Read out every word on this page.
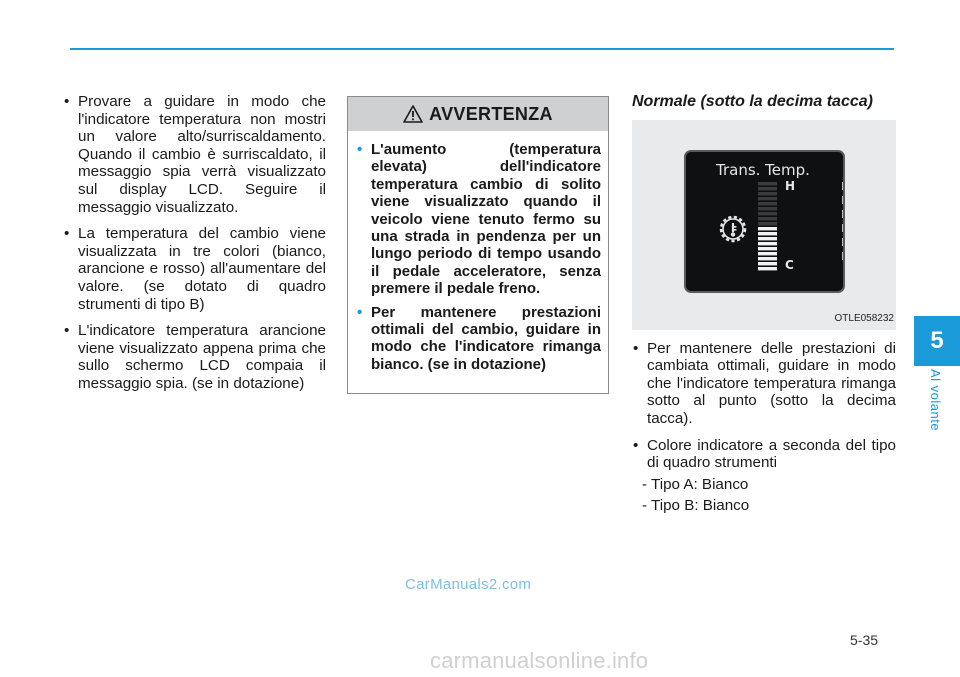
• Provare a guidare in modo che l'indicatore temperatura non mostri un valore alto/surriscaldamento. Quando il cambio è surriscaldato, il messaggio spia verrà visualizzato sul display LCD. Seguire il messaggio visualizzato.
• La temperatura del cambio viene visualizzata in tre colori (bianco, arancione e rosso) all'aumentare del valore. (se dotato di quadro strumenti di tipo B)
• L'indicatore temperatura arancione viene visualizzato appena prima che sullo schermo LCD compaia il messaggio spia. (se in dotazione)
AVVERTENZA
• L'aumento (temperatura elevata) dell'indicatore temperatura cambio di solito viene visualizzato quando il veicolo viene tenuto fermo su una strada in pendenza per un lungo periodo di tempo usando il pedale acceleratore, senza premere il pedale freno.
• Per mantenere prestazioni ottimali del cambio, guidare in modo che l'indicatore rimanga bianco. (se in dotazione)
Normale (sotto la decima tacca)
Trans. Temp.
H
C
OTLE058232
• Per mantenere delle prestazioni di cambiata ottimali, guidare in modo che l'indicatore temperatura rimanga sotto al punto (sotto la decima tacca).
• Colore indicatore a seconda del tipo di quadro strumenti
- Tipo A: Bianco
- Tipo B: Bianco
5
Al volante
5-35
CarManuals2.com
carmanualsonline.info
